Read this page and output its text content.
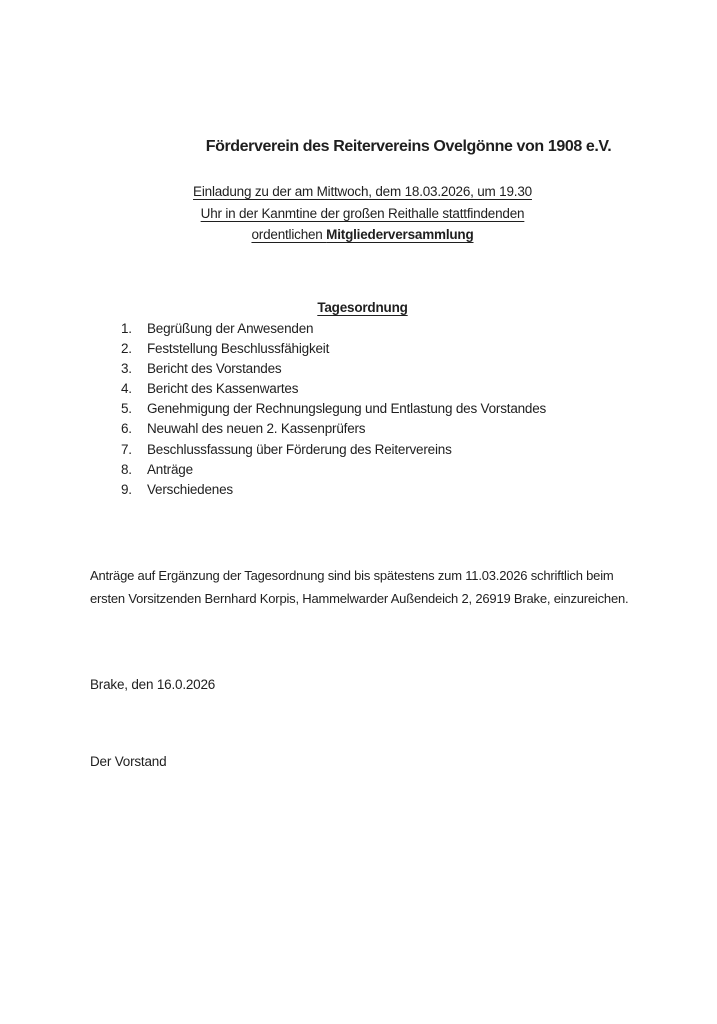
Förderverein des Reitervereins Ovelgönne von 1908 e.V.
Einladung zu der am Mittwoch, dem 18.03.2026, um 19.30
Uhr in der Kanmtine der großen Reithalle stattfindenden
ordentlichen Mitgliederversammlung
Tagesordnung
1.	Begrüßung der Anwesenden
2.	Feststellung Beschlussfähigkeit
3.	Bericht des Vorstandes
4.	Bericht des Kassenwartes
5.	Genehmigung der Rechnungslegung und Entlastung des Vorstandes
6.	Neuwahl des neuen 2. Kassenprüfers
7.	Beschlussfassung über Förderung des Reitervereins
8.	Anträge
9.	Verschiedenes

Anträge auf Ergänzung der Tagesordnung sind bis spätestens zum 11.03.2026 schriftlich beim
ersten Vorsitzenden Bernhard Korpis, Hammelwarder Außendeich 2, 26919 Brake, einzureichen.

Brake, den 16.0.2026

Der Vorstand
